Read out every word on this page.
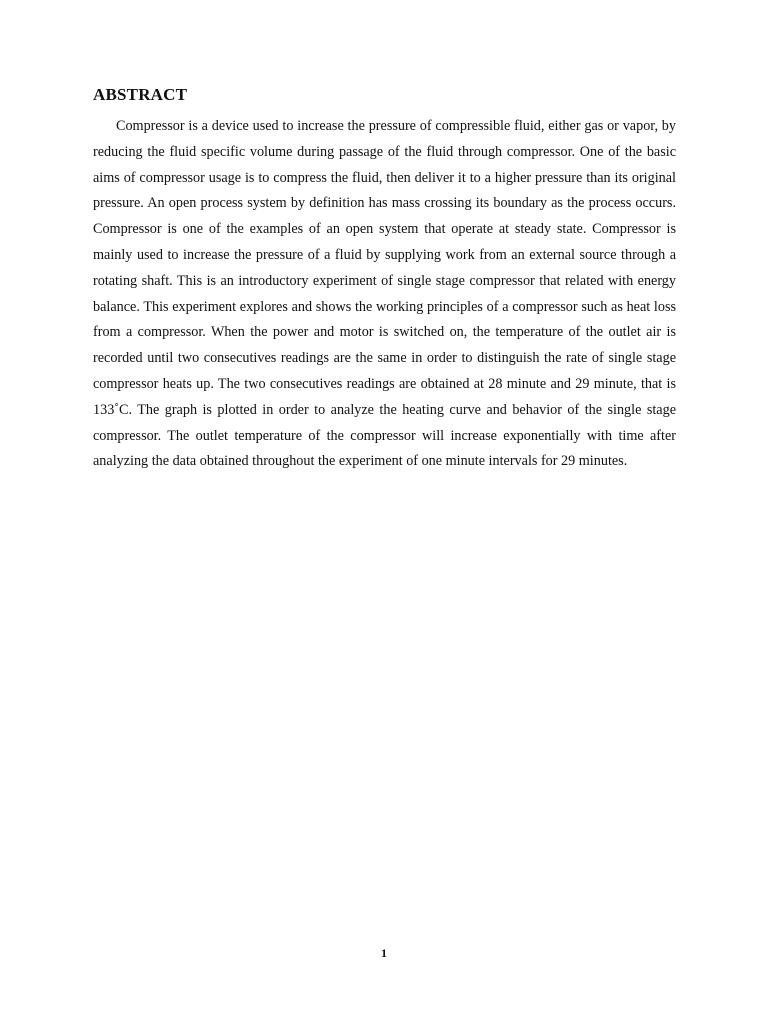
ABSTRACT

Compressor is a device used to increase the pressure of compressible fluid, either gas or vapor, by reducing the fluid specific volume during passage of the fluid through compressor. One of the basic aims of compressor usage is to compress the fluid, then deliver it to a higher pressure than its original pressure. An open process system by definition has mass crossing its boundary as the process occurs. Compressor is one of the examples of an open system that operate at steady state. Compressor is mainly used to increase the pressure of a fluid by supplying work from an external source through a rotating shaft. This is an introductory experiment of single stage compressor that related with energy balance. This experiment explores and shows the working principles of a compressor such as heat loss from a compressor. When the power and motor is switched on, the temperature of the outlet air is recorded until two consecutives readings are the same in order to distinguish the rate of single stage compressor heats up. The two consecutives readings are obtained at 28 minute and 29 minute, that is 133˚C. The graph is plotted in order to analyze the heating curve and behavior of the single stage compressor. The outlet temperature of the compressor will increase exponentially with time after analyzing the data obtained throughout the experiment of one minute intervals for 29 minutes.

1
